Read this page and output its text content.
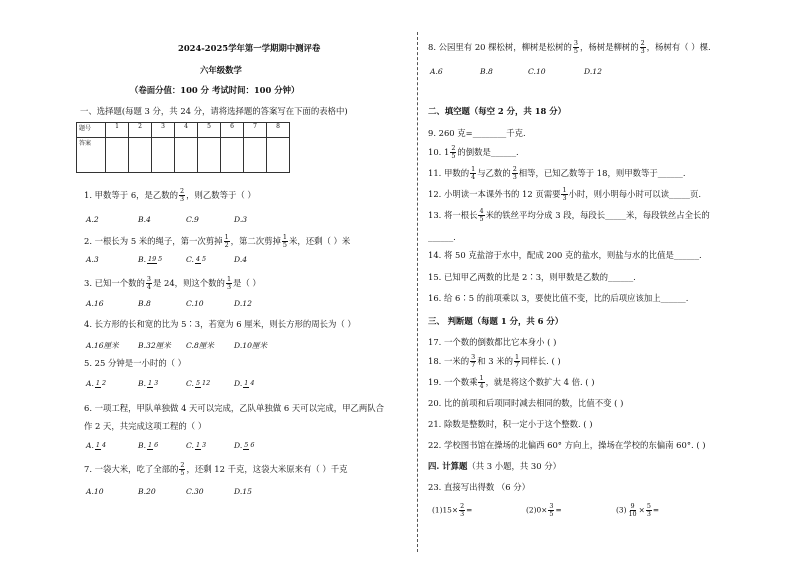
2024-2025学年第一学期期中测评卷
六年级数学
（卷面分值：100 分 考试时间：100 分钟）
一、选择题(每题 3 分，共 24 分，请将选择题的答案写在下面的表格中)
1. 甲数等于 6，是乙数的 $\frac{2}{3}$ ，则乙数等于（ ）
A.2	B.4	C.9	D.3
2. 一根长为 5 米的绳子，第一次剪掉 $\frac{1}{2}$ ，第二次剪掉 $\frac{1}{5}$ 米，还剩（ ）米
A.3	B. 19 5	C. 4 5	D.4
3. 已知一个数的 $\frac{3}{4}$ 是 24，则这个数的 $\frac{1}{3}$ 是（ ）
A.16	B.8	C.10	D.12
4. 长方形的长和宽的比为 5∶3，若宽为 6 厘米，则长方形的周长为（ ）
A.16厘米	B.32厘米	C.8厘米	D.10厘米
5. 25 分钟是一小时的（ ）
A. 1 2	B. 1 3	C. 5 12	D. 1 4
6. 一项工程，甲队单独做 4 天可以完成，乙队单独做 6 天可以完成，甲乙两队合
作 2 天，共完成这项工程的（ ）
A. 1 4	B. 1 6	C. 1 3	D. 5 6
7. 一袋大米，吃了全部的 $\frac{2}{5}$ ，还剩 12 千克，这袋大米原来有（ ）千克
A.10	B.20	C.30	D.15
题号	1	2	3	4	5	6	7	8
答案								
8. 公园里有 20 棵松树，柳树是松树的 $\frac{3}{5}$ ，杨树是柳树的 $\frac{2}{3}$ ，杨树有（ ）棵.
A.6	B.8	C.10	D.12
二、填空题（每空 2 分，共 18 分）
9. 260 克=________千克.
10. $1 \frac{2}{5}$ 的倒数是______.
11. 甲数的 $\frac{1}{4}$ 与乙数的 $\frac{2}{3}$ 相等，已知乙数等于 18，则甲数等于______.
12. 小明读一本课外书的 12 页需要 $\frac{1}{3}$ 小时，则小明每小时可以读_____页.
13. 将一根长 $\frac{4}{5}$ 米的铁丝平均分成 3 段，每段长_____米，每段铁丝占全长的
______.
14. 将 50 克盐溶于水中，配成 200 克的盐水，则盐与水的比值是______.
15. 已知甲乙两数的比是 2∶3，则甲数是乙数的______.
16. 给 6∶5 的前项乘以 3，要使比值不变，比的后项应该加上______.
三、 判断题（每题 1 分，共 6 分）
17. 一个数的倒数都比它本身小 ( )
18. 一米的 $\frac{3}{7}$ 和 3 米的 $\frac{1}{7}$ 同样长. ( )
19. 一个数乘 $\frac{1}{4}$ ，就是将这个数扩大 4 倍. ( )
20. 比的前项和后项同时减去相同的数，比值不变 ( )
21. 除数是整数时，积一定小于这个整数. ( )
22. 学校图书馆在操场的北偏西 60° 方向上，操场在学校的东偏南 60°. ( )
四. 计算题（共 3 小题，共 30 分）
23. 直接写出得数 （6 分）
$(1)15\times \frac{2}{3}$ =	$(2)0\times \frac{3}{5}$ =	$(3) \frac{9}{10} \times \frac{5}{3}$ =
